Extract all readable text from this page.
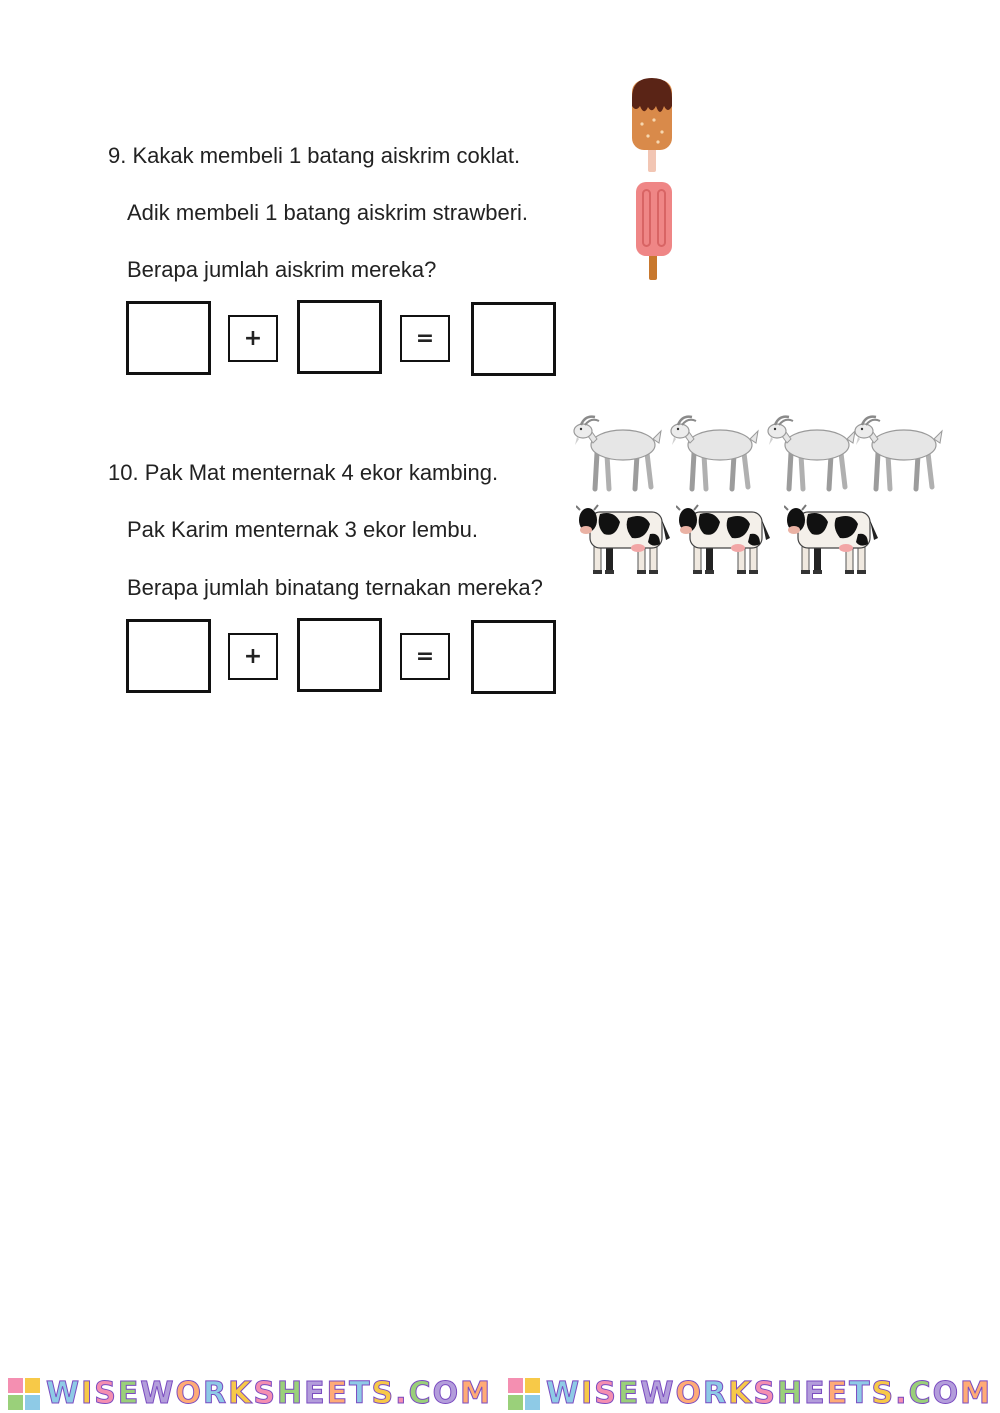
9. Kakak membeli 1 batang aiskrim coklat.
Adik membeli 1 batang aiskrim strawberi.
Berapa jumlah aiskrim mereka?
+	=
10. Pak Mat menternak 4 ekor kambing.
Pak Karim menternak 3 ekor lembu.
Berapa jumlah binatang ternakan mereka?
+	=
WISEWORKSHEETS.COM WISEWORKSHEETS.COM
